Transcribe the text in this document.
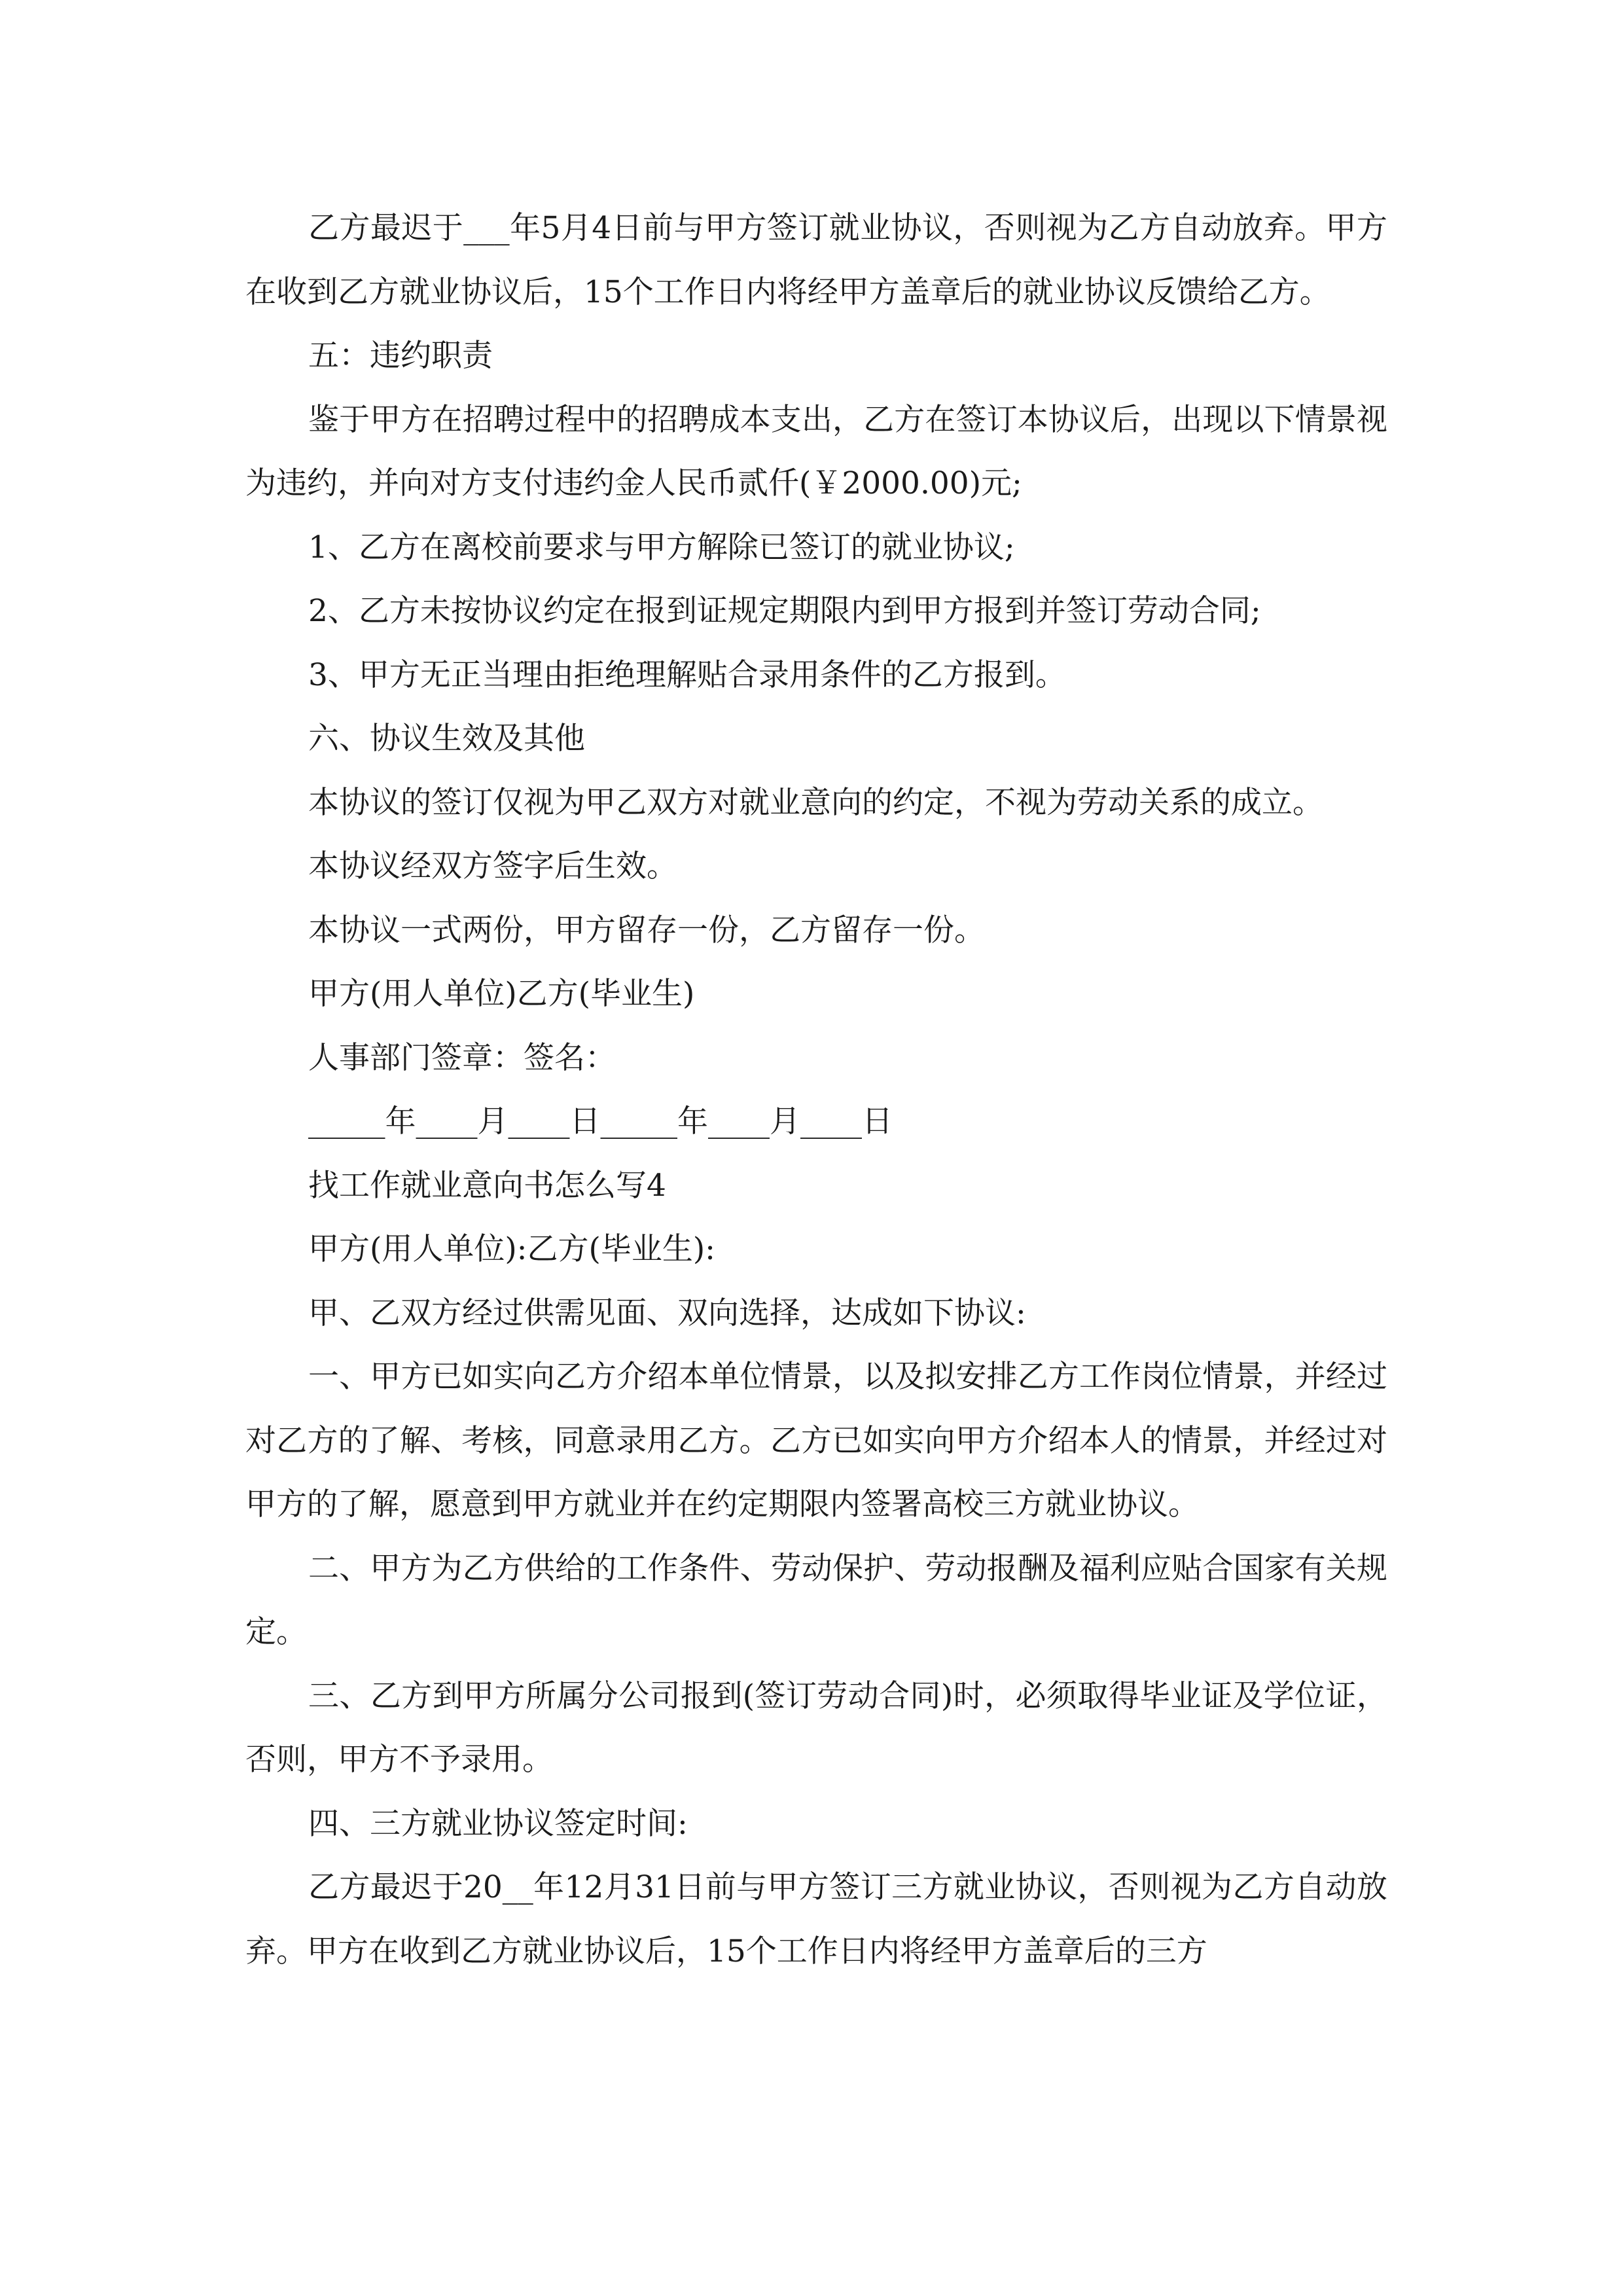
乙方最迟于___年5月4日前与甲方签订就业协议，否则视为乙方自动放弃。甲方在收到乙方就业协议后，15个工作日内将经甲方盖章后的就业协议反馈给乙方。

五：违约职责

鉴于甲方在招聘过程中的招聘成本支出，乙方在签订本协议后，出现以下情景视为违约，并向对方支付违约金人民币贰仟(￥2000.00)元;

1、乙方在离校前要求与甲方解除已签订的就业协议;

2、乙方未按协议约定在报到证规定期限内到甲方报到并签订劳动合同;

3、甲方无正当理由拒绝理解贴合录用条件的乙方报到。

六、协议生效及其他

本协议的签订仅视为甲乙双方对就业意向的约定，不视为劳动关系的成立。

本协议经双方签字后生效。

本协议一式两份，甲方留存一份，乙方留存一份。

甲方(用人单位)乙方(毕业生)

人事部门签章：签名：

_____年____月____日_____年____月____日

找工作就业意向书怎么写4

甲方(用人单位):乙方(毕业生):

甲、乙双方经过供需见面、双向选择，达成如下协议:

一、甲方已如实向乙方介绍本单位情景，以及拟安排乙方工作岗位情景，并经过对乙方的了解、考核，同意录用乙方。乙方已如实向甲方介绍本人的情景，并经过对甲方的了解，愿意到甲方就业并在约定期限内签署高校三方就业协议。

二、甲方为乙方供给的工作条件、劳动保护、劳动报酬及福利应贴合国家有关规定。

三、乙方到甲方所属分公司报到(签订劳动合同)时，必须取得毕业证及学位证，否则，甲方不予录用。

四、三方就业协议签定时间:

乙方最迟于20__年12月31日前与甲方签订三方就业协议，否则视为乙方自动放弃。甲方在收到乙方就业协议后，15个工作日内将经甲方盖章后的三方
